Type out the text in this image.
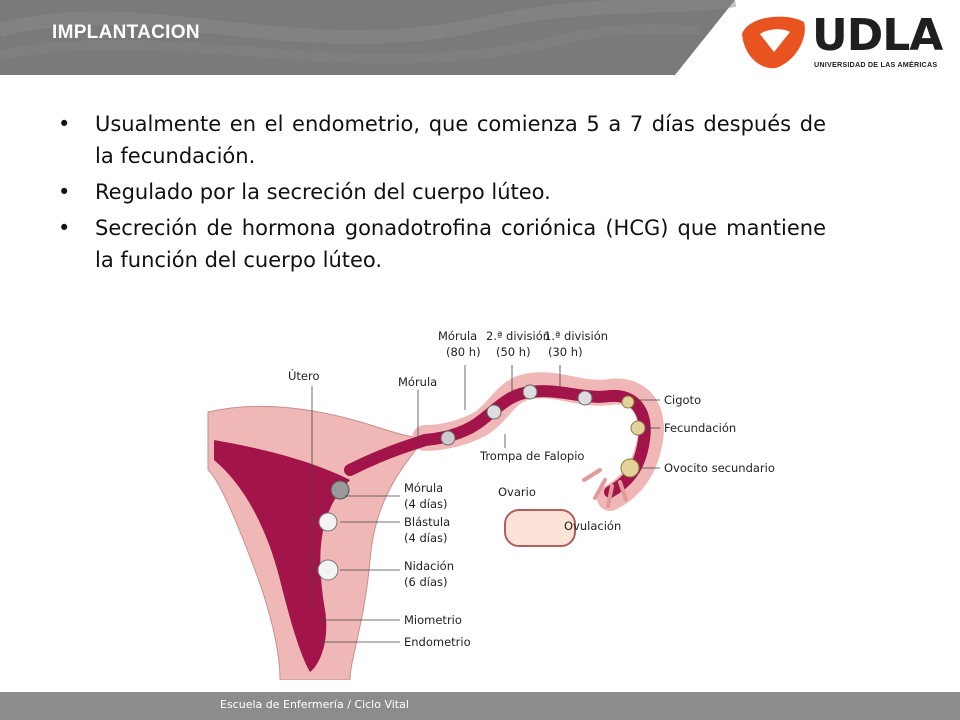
IMPLANTACION	UDLA
UNIVERSIDAD DE LAS AMÉRICAS
• Usualmente en el endometrio, que comienza 5 a 7 días después de la fecundación.
• Regulado por la secreción del cuerpo lúteo.
• Secreción de hormona gonadotrofina coriónica (HCG) que mantiene la función del cuerpo lúteo.
Útero	Mórula
Mórula
(80 h)
2.ª división
(50 h)
1.ª división
(30 h)
Cigoto
Fecundación
Trompa de Falopio
Ovocito secundario
Ovario
Ovulación
Mórula
(4 días)
Blástula
(4 días)
Nidación
(6 días)
Miometrio
Endometrio
Escuela de Enfermería / Ciclo Vital
